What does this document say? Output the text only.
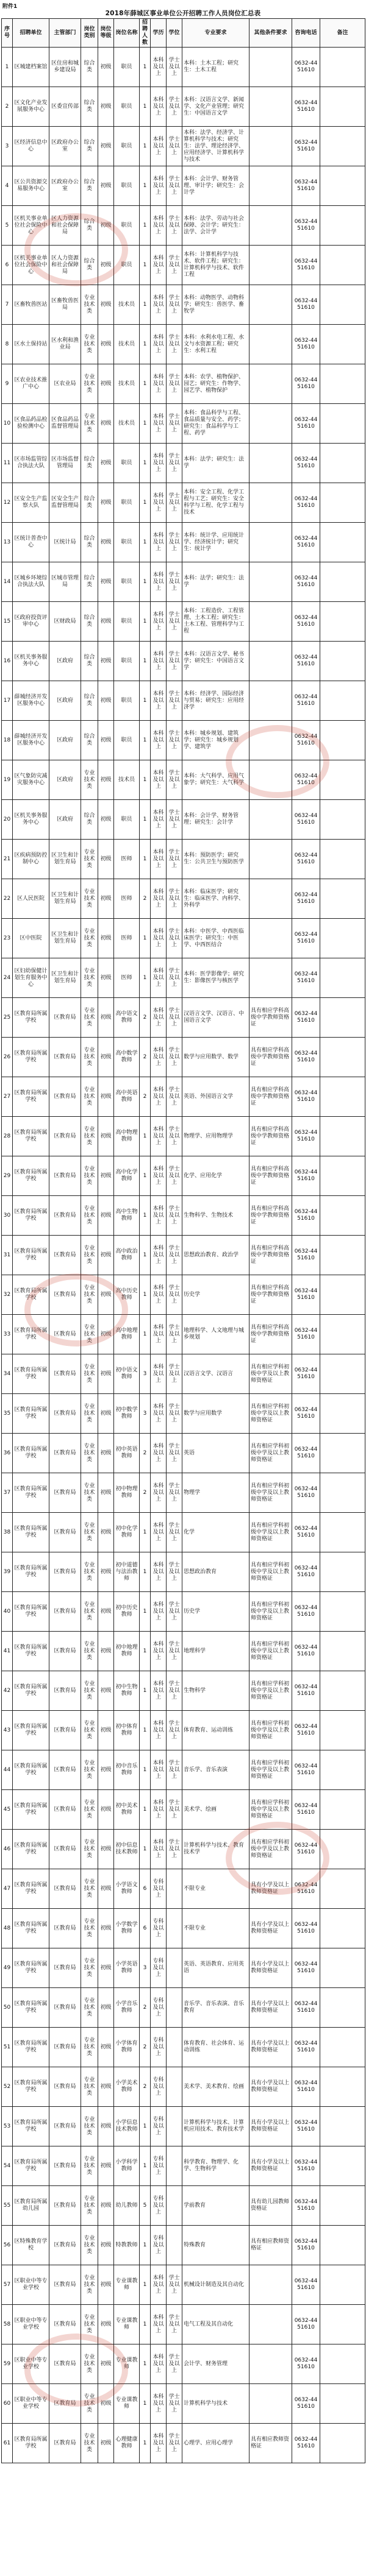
附件1
2018年薛城区事业单位公开招聘工作人员岗位汇总表
序号	招聘单位	主管部门	岗位类别	岗位等级	岗位名称	招聘人数	学历	学位	专业要求	其他条件要求	咨询电话	备注
1	区城建档案馆	区住房和城乡建设局	综合类	初级	职员	1	本科及以上	学士及以上	本科：土木工程；研究生：土木工程		0632-4451610	
2	区文化产业发展服务中心	区委宣传部	综合类	初级	职员	1	本科及以上	学士及以上	本科：汉语言文学、新闻学、文化产业管理；研究生：中国语言文学		0632-4451610	
3	区经济信息中心	区政府办公室	综合类	初级	职员	1	本科及以上	学士及以上	本科：法学、经济学、计算机科学与技术；研究生：法学、理论经济学、应用经济学、计算机科学与技术		0632-4451610	
4	区公共资源交易服务中心	区政府办公室	综合类	初级	职员	1	本科及以上	学士及以上	本科：会计学、财务管理、审计学；研究生：会计学		0632-4451610	
5	区机关事业单位社会保险中心	区人力资源和社会保障局	综合类	初级	职员	1	本科及以上	学士及以上	本科：法学、劳动与社会保障、会计学；研究生：法学、会计学		0632-4451610	
6	区机关事业单位社会保险中心	区人力资源和社会保障局	综合类	初级	职员	1	本科及以上	学士及以上	本科：计算机科学与技术、软件工程；研究生：计算机科学与技术、软件工程		0632-4451610	
7	区畜牧兽医站	区畜牧兽医局	专业技术类	初级	技术员	1	本科及以上	学士及以上	本科：动物医学、动物科学；研究生：兽医学、畜牧学		0632-4451610	
8	区水土保持站	区水利和渔业局	专业技术类	初级	技术员	1	本科及以上	学士及以上	本科：水利水电工程、水文与水资源工程；研究生：水利工程		0632-4451610	
9	区农业技术推广中心	区农业局	专业技术类	初级	技术员	1	本科及以上	学士及以上	本科：农学、植物保护、园艺；研究生：作物学、园艺学、植物保护		0632-4451610	
10	区食品药品检验检测中心	区食品药品监督管理局	专业技术类	初级	技术员	1	本科及以上	学士及以上	本科：食品科学与工程、食品质量与安全、药学；研究生：食品科学与工程、药学		0632-4451610	
11	区市场监管综合执法大队	区市场监督管理局	综合类	初级	职员	1	本科及以上	学士及以上	本科：法学；研究生：法学		0632-4451610	
12	区安全生产监察大队	区安全生产监督管理局	综合类	初级	职员	1	本科及以上	学士及以上	本科：安全工程、化学工程与工艺；研究生：安全科学与工程、化学工程与技术		0632-4451610	
13	区统计普查中心	区统计局	综合类	初级	职员	1	本科及以上	学士及以上	本科：统计学、应用统计学、经济统计学；研究生：统计学		0632-4451610	
14	区城乡环境综合执法大队	区城市管理局	综合类	初级	职员	1	本科及以上	学士及以上	本科：法学；研究生：法学		0632-4451610	
15	区政府投资评审中心	区财政局	综合类	初级	职员	1	本科及以上	学士及以上	本科：工程造价、工程管理、土木工程；研究生：土木工程、管理科学与工程		0632-4451610	
16	区机关事务服务中心	区政府	综合类	初级	职员	1	本科及以上	学士及以上	本科：汉语言文学、秘书学；研究生：中国语言文学		0632-4451610	
17	薛城经济开发区服务中心	区政府	综合类	初级	职员	1	本科及以上	学士及以上	本科：经济学、国际经济与贸易；研究生：应用经济学		0632-4451610	
18	薛城经济开发区服务中心	区政府	综合类	初级	职员	1	本科及以上	学士及以上	本科：城乡规划、建筑学；研究生：城乡规划学、建筑学		0632-4451610	
19	区气象防灾减灾服务中心	区政府	专业技术类	初级	技术员	1	本科及以上	学士及以上	本科：大气科学、应用气象学；研究生：大气科学		0632-4451610	
20	区机关事务服务中心	区政府	综合类	初级	职员	1	本科及以上	学士及以上	本科：会计学、财务管理；研究生：会计学		0632-4451610	
21	区疾病预防控制中心	区卫生和计划生育局	专业技术类	初级	医师	1	本科及以上	学士及以上	本科：预防医学；研究生：公共卫生与预防医学		0632-4451610	
22	区人民医院	区卫生和计划生育局	专业技术类	初级	医师	2	本科及以上	学士及以上	本科：临床医学；研究生：临床医学、内科学、外科学		0632-4451610	
23	区中医院	区卫生和计划生育局	专业技术类	初级	医师	1	本科及以上	学士及以上	本科：中医学、中西医临床医学；研究生：中医学、中西医结合		0632-4451610	
24	区妇幼保健计划生育服务中心	区卫生和计划生育局	专业技术类	初级	医师	1	本科及以上	学士及以上	本科：医学影像学；研究生：影像医学与核医学		0632-4451610	
25	区教育局所属学校	区教育局	专业技术类	初级	高中语文教师	2	本科及以上	学士及以上	汉语言文学、汉语言、中国语言文学	具有相应学科高级中学教师资格证	0632-4451610	
26	区教育局所属学校	区教育局	专业技术类	初级	高中数学教师	2	本科及以上	学士及以上	数学与应用数学、数学	具有相应学科高级中学教师资格证	0632-4451610	
27	区教育局所属学校	区教育局	专业技术类	初级	高中英语教师	2	本科及以上	学士及以上	英语、外国语言文学	具有相应学科高级中学教师资格证	0632-4451610	
28	区教育局所属学校	区教育局	专业技术类	初级	高中物理教师	1	本科及以上	学士及以上	物理学、应用物理学	具有相应学科高级中学教师资格证	0632-4451610	
29	区教育局所属学校	区教育局	专业技术类	初级	高中化学教师	1	本科及以上	学士及以上	化学、应用化学	具有相应学科高级中学教师资格证	0632-4451610	
30	区教育局所属学校	区教育局	专业技术类	初级	高中生物教师	1	本科及以上	学士及以上	生物科学、生物技术	具有相应学科高级中学教师资格证	0632-4451610	
31	区教育局所属学校	区教育局	专业技术类	初级	高中政治教师	1	本科及以上	学士及以上	思想政治教育、政治学	具有相应学科高级中学教师资格证	0632-4451610	
32	区教育局所属学校	区教育局	专业技术类	初级	高中历史教师	1	本科及以上	学士及以上	历史学	具有相应学科高级中学教师资格证	0632-4451610	
33	区教育局所属学校	区教育局	专业技术类	初级	高中地理教师	1	本科及以上	学士及以上	地理科学、人文地理与城乡规划	具有相应学科高级中学教师资格证	0632-4451610	
34	区教育局所属学校	区教育局	专业技术类	初级	初中语文教师	3	本科及以上	学士及以上	汉语言文学、汉语言	具有相应学科初级中学及以上教师资格证	0632-4451610	
35	区教育局所属学校	区教育局	专业技术类	初级	初中数学教师	3	本科及以上	学士及以上	数学与应用数学	具有相应学科初级中学及以上教师资格证	0632-4451610	
36	区教育局所属学校	区教育局	专业技术类	初级	初中英语教师	2	本科及以上	学士及以上	英语	具有相应学科初级中学及以上教师资格证	0632-4451610	
37	区教育局所属学校	区教育局	专业技术类	初级	初中物理教师	2	本科及以上	学士及以上	物理学	具有相应学科初级中学及以上教师资格证	0632-4451610	
38	区教育局所属学校	区教育局	专业技术类	初级	初中化学教师	1	本科及以上	学士及以上	化学	具有相应学科初级中学及以上教师资格证	0632-4451610	
39	区教育局所属学校	区教育局	专业技术类	初级	初中道德与法治教师	1	本科及以上	学士及以上	思想政治教育	具有相应学科初级中学及以上教师资格证	0632-4451610	
40	区教育局所属学校	区教育局	专业技术类	初级	初中历史教师	1	本科及以上	学士及以上	历史学	具有相应学科初级中学及以上教师资格证	0632-4451610	
41	区教育局所属学校	区教育局	专业技术类	初级	初中地理教师	1	本科及以上	学士及以上	地理科学	具有相应学科初级中学及以上教师资格证	0632-4451610	
42	区教育局所属学校	区教育局	专业技术类	初级	初中生物教师	1	本科及以上	学士及以上	生物科学	具有相应学科初级中学及以上教师资格证	0632-4451610	
43	区教育局所属学校	区教育局	专业技术类	初级	初中体育教师	1	本科及以上	学士及以上	体育教育、运动训练	具有相应学科初级中学及以上教师资格证	0632-4451610	
44	区教育局所属学校	区教育局	专业技术类	初级	初中音乐教师	1	本科及以上	学士及以上	音乐学、音乐表演	具有相应学科初级中学及以上教师资格证	0632-4451610	
45	区教育局所属学校	区教育局	专业技术类	初级	初中美术教师	1	本科及以上	学士及以上	美术学、绘画	具有相应学科初级中学及以上教师资格证	0632-4451610	
46	区教育局所属学校	区教育局	专业技术类	初级	初中信息技术教师	1	本科及以上	学士及以上	计算机科学与技术、教育技术学	具有相应学科初级中学及以上教师资格证	0632-4451610	
47	区教育局所属学校	区教育局	专业技术类	初级	小学语文教师	6	专科及以上		不限专业	具有小学及以上教师资格证	0632-4451610	
48	区教育局所属学校	区教育局	专业技术类	初级	小学数学教师	6	专科及以上		不限专业	具有小学及以上教师资格证	0632-4451610	
49	区教育局所属学校	区教育局	专业技术类	初级	小学英语教师	3	专科及以上		英语、英语教育、应用英语	具有小学及以上教师资格证	0632-4451610	
50	区教育局所属学校	区教育局	专业技术类	初级	小学音乐教师	2	专科及以上		音乐学、音乐表演、音乐教育	具有小学及以上教师资格证	0632-4451610	
51	区教育局所属学校	区教育局	专业技术类	初级	小学体育教师	2	专科及以上		体育教育、社会体育、运动训练	具有小学及以上教师资格证	0632-4451610	
52	区教育局所属学校	区教育局	专业技术类	初级	小学美术教师	2	专科及以上		美术学、美术教育、绘画	具有小学及以上教师资格证	0632-4451610	
53	区教育局所属学校	区教育局	专业技术类	初级	小学信息技术教师	1	专科及以上		计算机科学与技术、计算机应用技术、教育技术学	具有小学及以上教师资格证	0632-4451610	
54	区教育局所属学校	区教育局	专业技术类	初级	小学科学教师	1	专科及以上		科学教育、物理学、化学、生物科学	具有小学及以上教师资格证	0632-4451610	
55	区教育局所属幼儿园	区教育局	专业技术类	初级	幼儿教师	5	专科及以上		学前教育	具有幼儿园教师资格证	0632-4451610	
56	区特殊教育学校	区教育局	专业技术类	初级	特教教师	1	专科及以上		特殊教育	具有相应教师资格证	0632-4451610	
57	区职业中等专业学校	区教育局	专业技术类	初级	专业课教师	1	本科及以上	学士及以上	机械设计制造及其自动化		0632-4451610	
58	区职业中等专业学校	区教育局	专业技术类	初级	专业课教师	1	本科及以上	学士及以上	电气工程及其自动化		0632-4451610	
59	区职业中等专业学校	区教育局	专业技术类	初级	专业课教师	1	本科及以上	学士及以上	会计学、财务管理		0632-4451610	
60	区职业中等专业学校	区教育局	专业技术类	初级	专业课教师	1	本科及以上	学士及以上	计算机科学与技术		0632-4451610	
61	区教育局所属学校	区教育局	专业技术类	初级	心理健康教师	1	本科及以上	学士及以上	心理学、应用心理学	具有相应教师资格证	0632-4451610	
